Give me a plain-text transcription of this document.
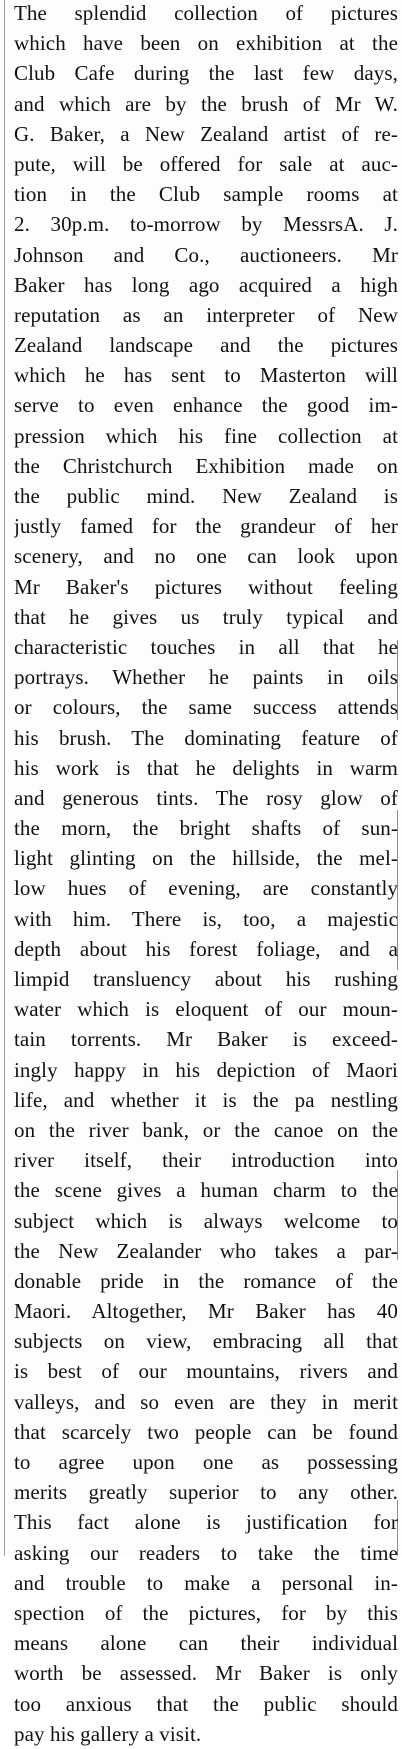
The splendid collection of pictures
which have been on exhibition at the
Club Cafe during the last few days,
and which are by the brush of Mr W.
G. Baker, a New Zealand artist of re-
pute, will be offered for sale at auc-
tion in the Club sample rooms at
2. 30p.m. to-morrow by MessrsA. J.
Johnson and Co., auctioneers. Mr
Baker has long ago acquired a high
reputation as an interpreter of New
Zealand landscape and the pictures
which he has sent to Masterton will
serve to even enhance the good im-
pression which his fine collection at
the Christchurch Exhibition made on
the public mind. New Zealand is
justly famed for the grandeur of her
scenery, and no one can look upon
Mr Baker's pictures without feeling
that he gives us truly typical and
characteristic touches in all that he
portrays. Whether he paints in oils
or colours, the same success attends
his brush. The dominating feature of
his work is that he delights in warm
and generous tints. The rosy glow of
the morn, the bright shafts of sun-
light glinting on the hillside, the mel-
low hues of evening, are constantly
with him. There is, too, a majestic
depth about his forest foliage, and a
limpid transluency about his rushing
water which is eloquent of our moun-
tain torrents. Mr Baker is exceed-
ingly happy in his depiction of Maori
life, and whether it is the pa nestling
on the river bank, or the canoe on the
river itself, their introduction into
the scene gives a human charm to the
subject which is always welcome to
the New Zealander who takes a par-
donable pride in the romance of the
Maori. Altogether, Mr Baker has 40
subjects on view, embracing all that
is best of our mountains, rivers and
valleys, and so even are they in merit
that scarcely two people can be found
to agree upon one as possessing
merits greatly superior to any other.
This fact alone is justification for
asking our readers to take the time
and trouble to make a personal in-
spection of the pictures, for by this
means alone can their individual
worth be assessed. Mr Baker is only
too anxious that the public should
pay his gallery a visit.
